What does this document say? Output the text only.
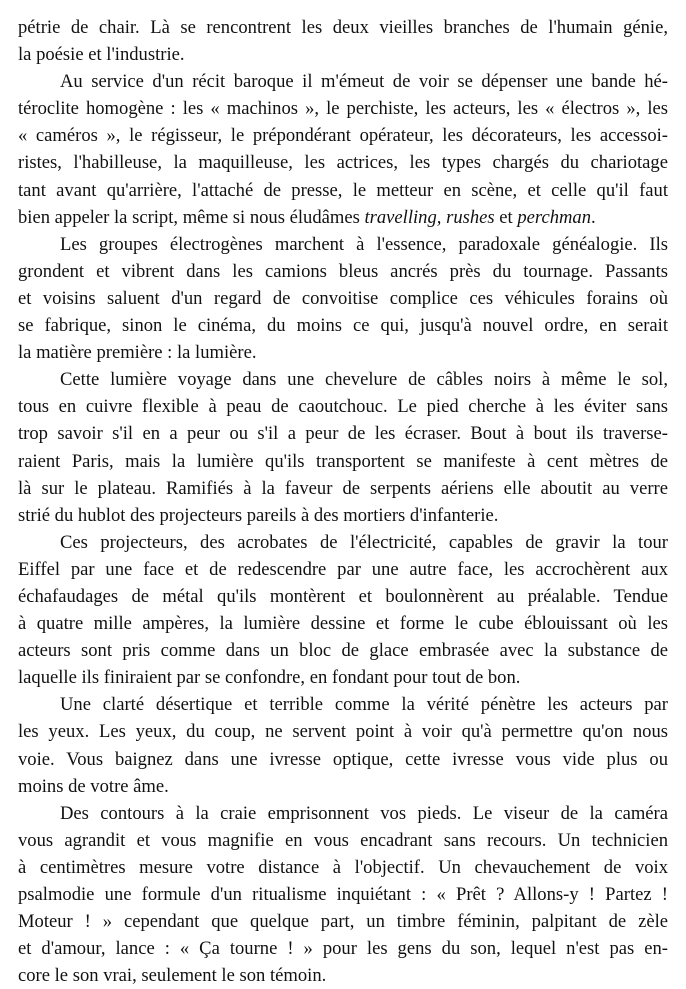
pétrie de chair. Là se rencontrent les deux vieilles branches de l'humain génie,
la poésie et l'industrie.

Au service d'un récit baroque il m'émeut de voir se dépenser une bande hé-
téroclite homogène : les « machinos », le perchiste, les acteurs, les « électros », les
« caméros », le régisseur, le prépondérant opérateur, les décorateurs, les accessoi-
ristes, l'habilleuse, la maquilleuse, les actrices, les types chargés du chariotage
tant avant qu'arrière, l'attaché de presse, le metteur en scène, et celle qu'il faut
bien appeler la script, même si nous éludâmes travelling, rushes et perchman.

Les groupes électrogènes marchent à l'essence, paradoxale généalogie. Ils
grondent et vibrent dans les camions bleus ancrés près du tournage. Passants
et voisins saluent d'un regard de convoitise complice ces véhicules forains où
se fabrique, sinon le cinéma, du moins ce qui, jusqu'à nouvel ordre, en serait
la matière première : la lumière.

Cette lumière voyage dans une chevelure de câbles noirs à même le sol,
tous en cuivre flexible à peau de caoutchouc. Le pied cherche à les éviter sans
trop savoir s'il en a peur ou s'il a peur de les écraser. Bout à bout ils traverse-
raient Paris, mais la lumière qu'ils transportent se manifeste à cent mètres de
là sur le plateau. Ramifiés à la faveur de serpents aériens elle aboutit au verre
strié du hublot des projecteurs pareils à des mortiers d'infanterie.

Ces projecteurs, des acrobates de l'électricité, capables de gravir la tour
Eiffel par une face et de redescendre par une autre face, les accrochèrent aux
échafaudages de métal qu'ils montèrent et boulonnèrent au préalable. Tendue
à quatre mille ampères, la lumière dessine et forme le cube éblouissant où les
acteurs sont pris comme dans un bloc de glace embrasée avec la substance de
laquelle ils finiraient par se confondre, en fondant pour tout de bon.

Une clarté désertique et terrible comme la vérité pénètre les acteurs par
les yeux. Les yeux, du coup, ne servent point à voir qu'à permettre qu'on nous
voie. Vous baignez dans une ivresse optique, cette ivresse vous vide plus ou
moins de votre âme.

Des contours à la craie emprisonnent vos pieds. Le viseur de la caméra
vous agrandit et vous magnifie en vous encadrant sans recours. Un technicien
à centimètres mesure votre distance à l'objectif. Un chevauchement de voix
psalmodie une formule d'un ritualisme inquiétant : « Prêt ? Allons-y ! Partez !
Moteur ! » cependant que quelque part, un timbre féminin, palpitant de zèle
et d'amour, lance : « Ça tourne ! » pour les gens du son, lequel n'est pas en-
core le son vrai, seulement le son témoin.
